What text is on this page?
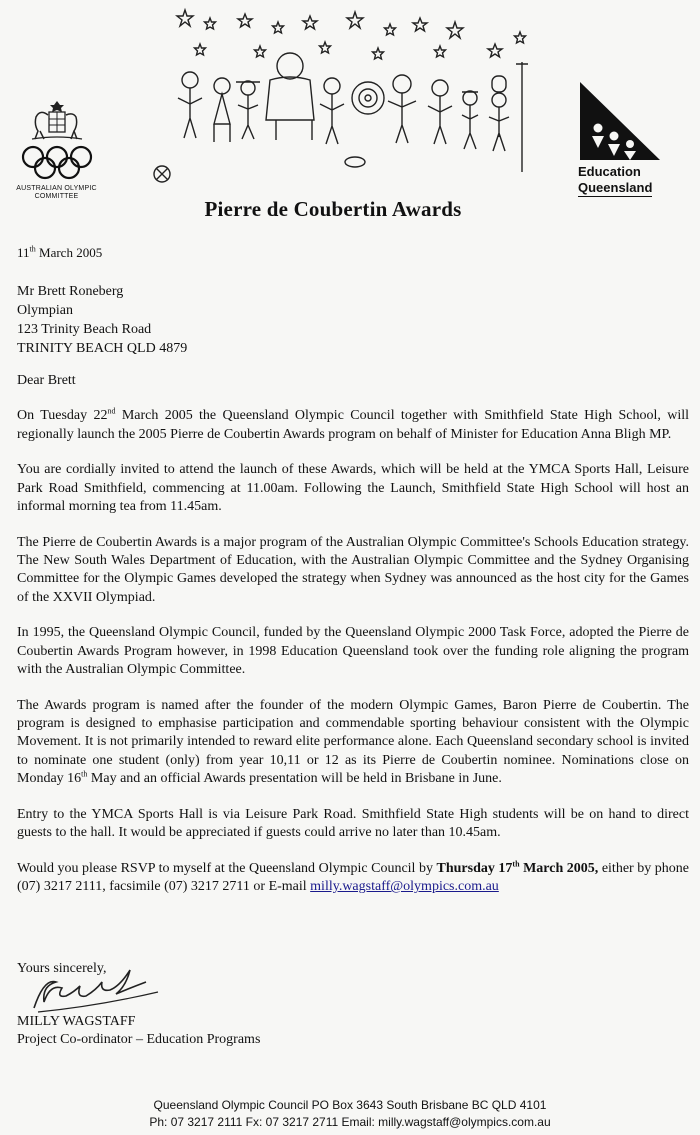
AUSTRALIAN OLYMPIC
COMMITTEE
Education
Queensland
Pierre de Coubertin Awards
11th March 2005
Mr Brett Roneberg
Olympian
123 Trinity Beach Road
TRINITY BEACH QLD 4879

Dear Brett

On Tuesday 22nd March 2005 the Queensland Olympic Council together with Smithfield State High School, will regionally launch the 2005 Pierre de Coubertin Awards program on behalf of Minister for Education Anna Bligh MP.

You are cordially invited to attend the launch of these Awards, which will be held at the YMCA Sports Hall, Leisure Park Road Smithfield, commencing at 11.00am. Following the Launch, Smithfield State High School will host an informal morning tea from 11.45am.

The Pierre de Coubertin Awards is a major program of the Australian Olympic Committee's Schools Education strategy. The New South Wales Department of Education, with the Australian Olympic Committee and the Sydney Organising Committee for the Olympic Games developed the strategy when Sydney was announced as the host city for the Games of the XXVII Olympiad.

In 1995, the Queensland Olympic Council, funded by the Queensland Olympic 2000 Task Force, adopted the Pierre de Coubertin Awards Program however, in 1998 Education Queensland took over the funding role aligning the program with the Australian Olympic Committee.

The Awards program is named after the founder of the modern Olympic Games, Baron Pierre de Coubertin. The program is designed to emphasise participation and commendable sporting behaviour consistent with the Olympic Movement. It is not primarily intended to reward elite performance alone. Each Queensland secondary school is invited to nominate one student (only) from year 10,11 or 12 as its Pierre de Coubertin nominee. Nominations close on Monday 16th May and an official Awards presentation will be held in Brisbane in June.

Entry to the YMCA Sports Hall is via Leisure Park Road. Smithfield State High students will be on hand to direct guests to the hall. It would be appreciated if guests could arrive no later than 10.45am.

Would you please RSVP to myself at the Queensland Olympic Council by Thursday 17th March 2005, either by phone (07) 3217 2111, facsimile (07) 3217 2711 or E-mail milly.wagstaff@olympics.com.au

Yours sincerely,
MILLY WAGSTAFF
Project Co-ordinator – Education Programs
Queensland Olympic Council PO Box 3643 South Brisbane BC QLD 4101
Ph: 07 3217 2111 Fx: 07 3217 2711 Email: milly.wagstaff@olympics.com.au
